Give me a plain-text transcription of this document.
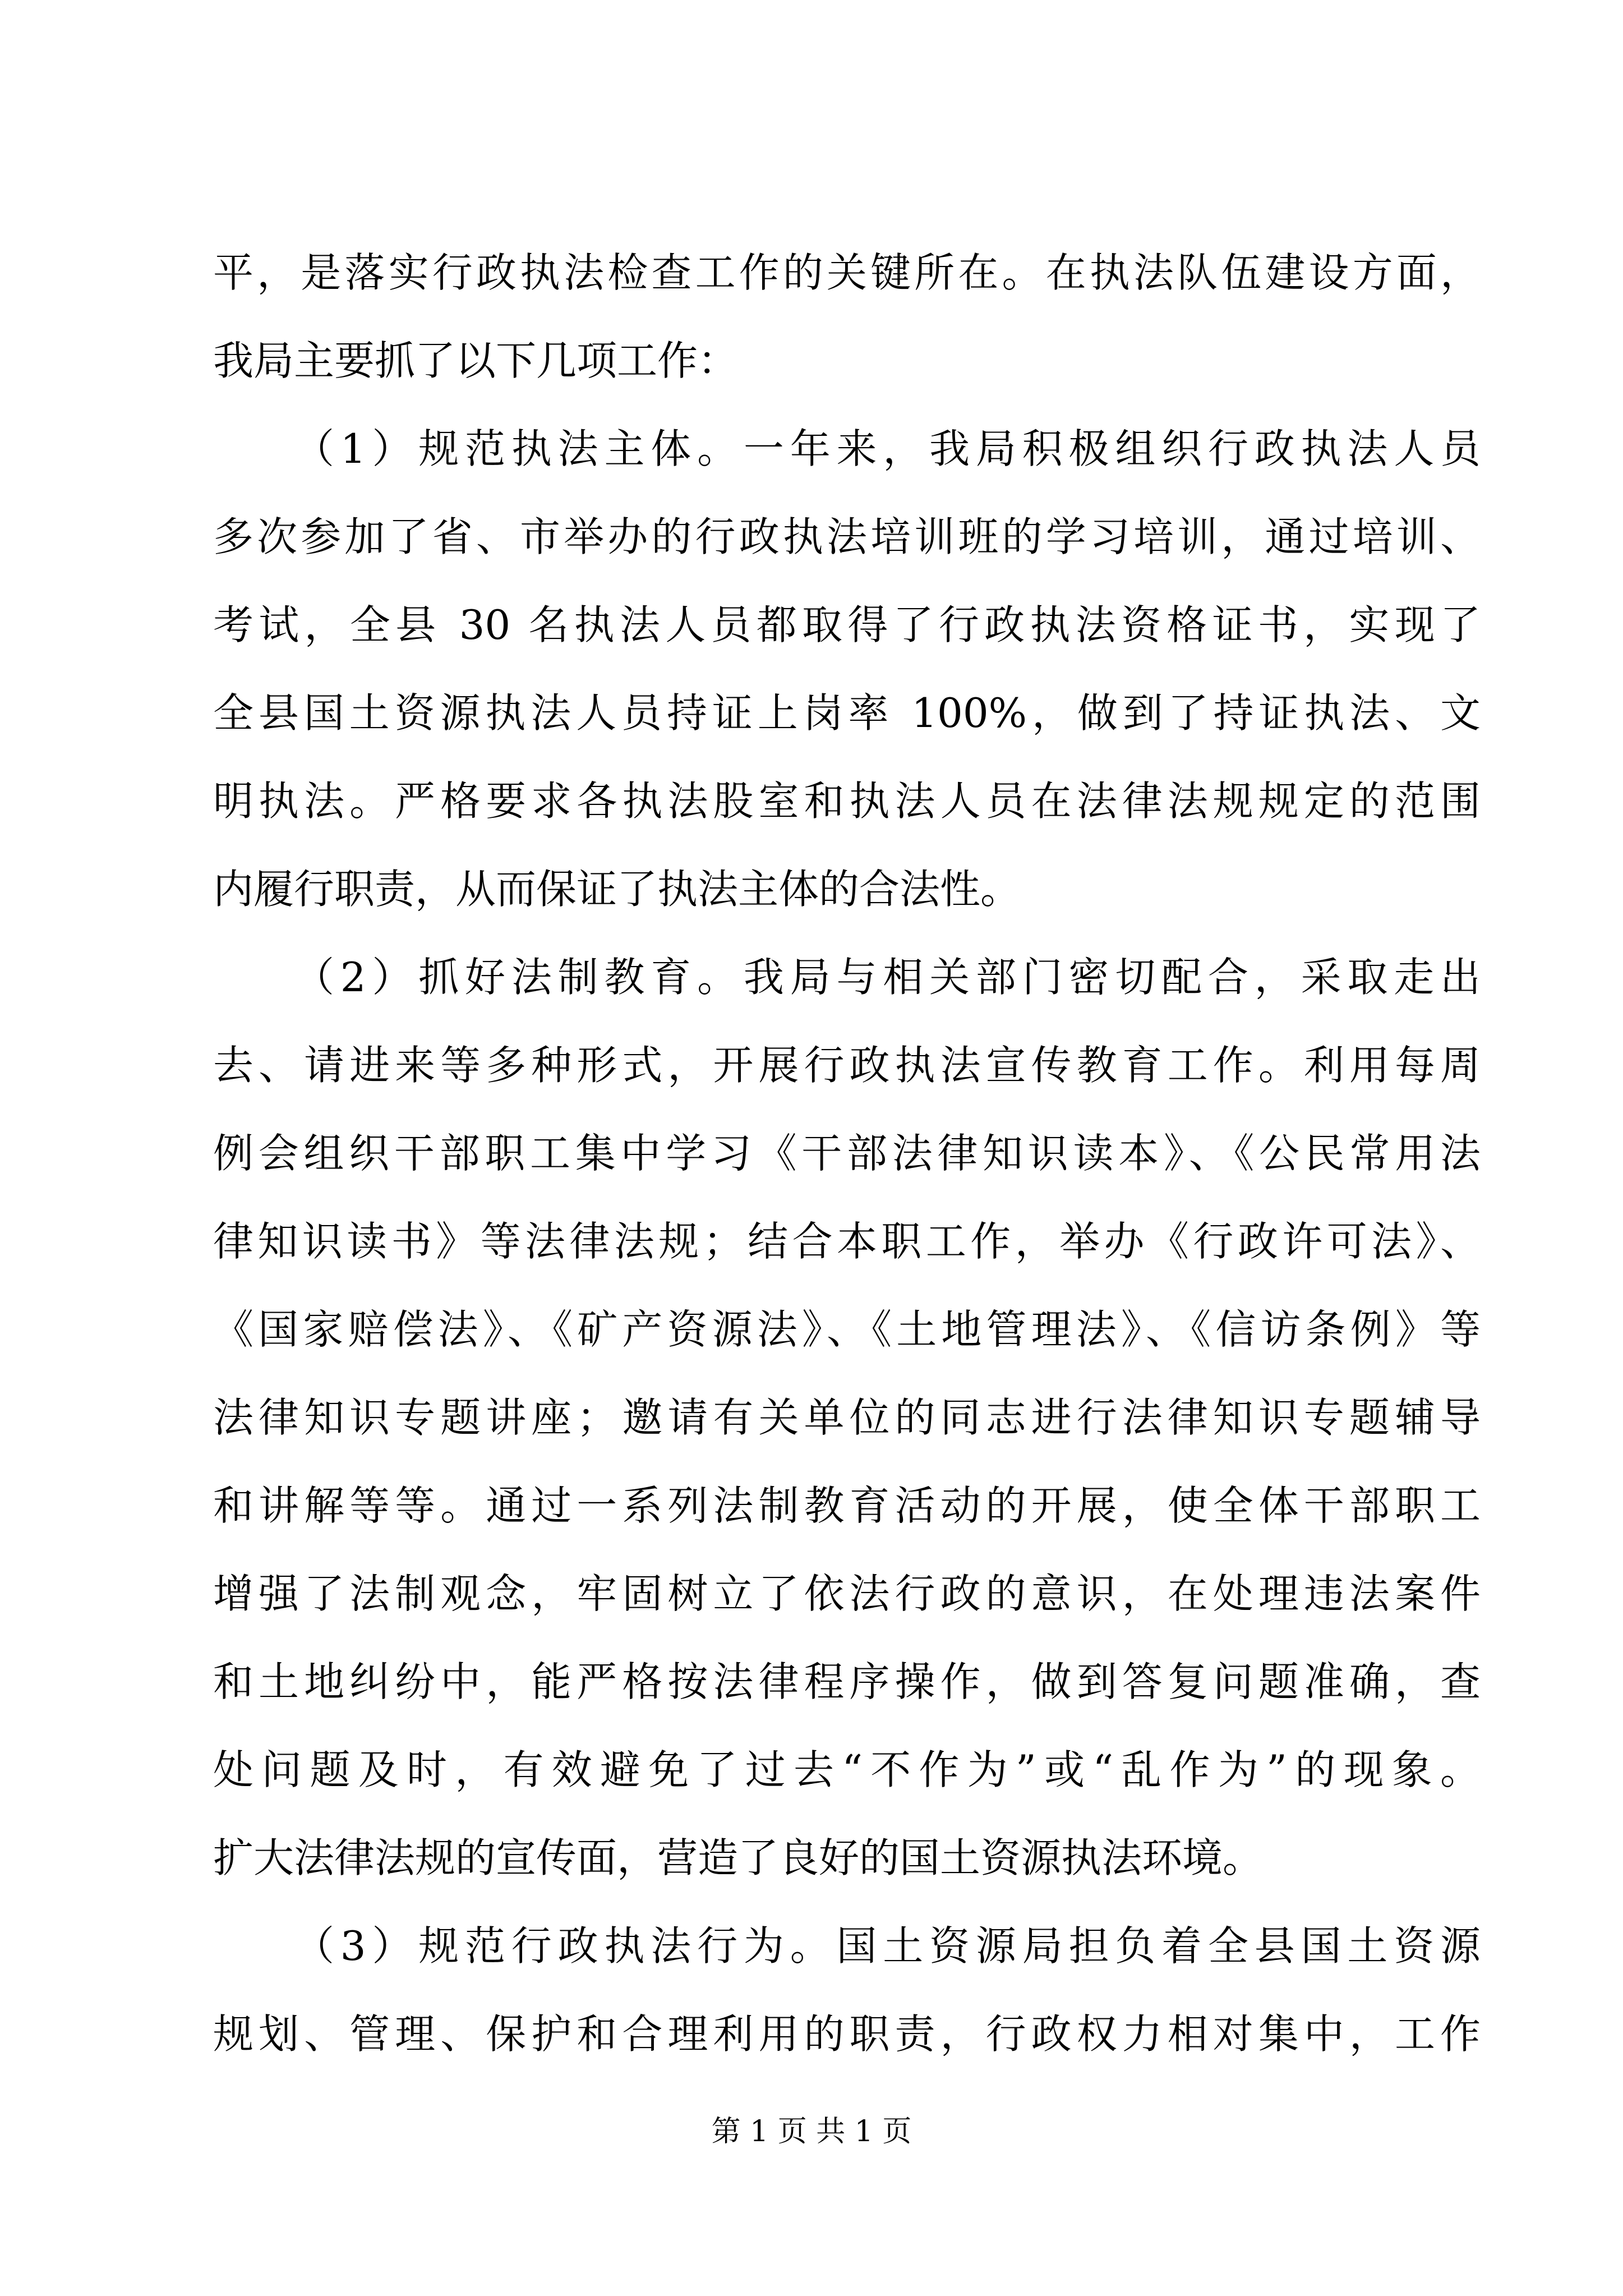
平，是落实行政执法检查工作的关键所在。在执法队伍建设方面，
我局主要抓了以下几项工作：
（1）规范执法主体。一年来，我局积极组织行政执法人员
多次参加了省、市举办的行政执法培训班的学习培训，通过培训、
考试，全县 30 名执法人员都取得了行政执法资格证书，实现了
全县国土资源执法人员持证上岗率 100%，做到了持证执法、文
明执法。严格要求各执法股室和执法人员在法律法规规定的范围
内履行职责，从而保证了执法主体的合法性。
（2）抓好法制教育。我局与相关部门密切配合，采取走出
去、请进来等多种形式，开展行政执法宣传教育工作。利用每周
例会组织干部职工集中学习《干部法律知识读本》、《公民常用法
律知识读书》等法律法规；结合本职工作，举办《行政许可法》、
《国家赔偿法》、《矿产资源法》、《土地管理法》、《信访条例》等
法律知识专题讲座；邀请有关单位的同志进行法律知识专题辅导
和讲解等等。通过一系列法制教育活动的开展，使全体干部职工
增强了法制观念，牢固树立了依法行政的意识，在处理违法案件
和土地纠纷中，能严格按法律程序操作，做到答复问题准确，查
处问题及时，有效避免了过去“不作为”或“乱作为”的现象。
扩大法律法规的宣传面，营造了良好的国土资源执法环境。
（3）规范行政执法行为。国土资源局担负着全县国土资源
规划、管理、保护和合理利用的职责，行政权力相对集中，工作
第 1 页 共 1 页
